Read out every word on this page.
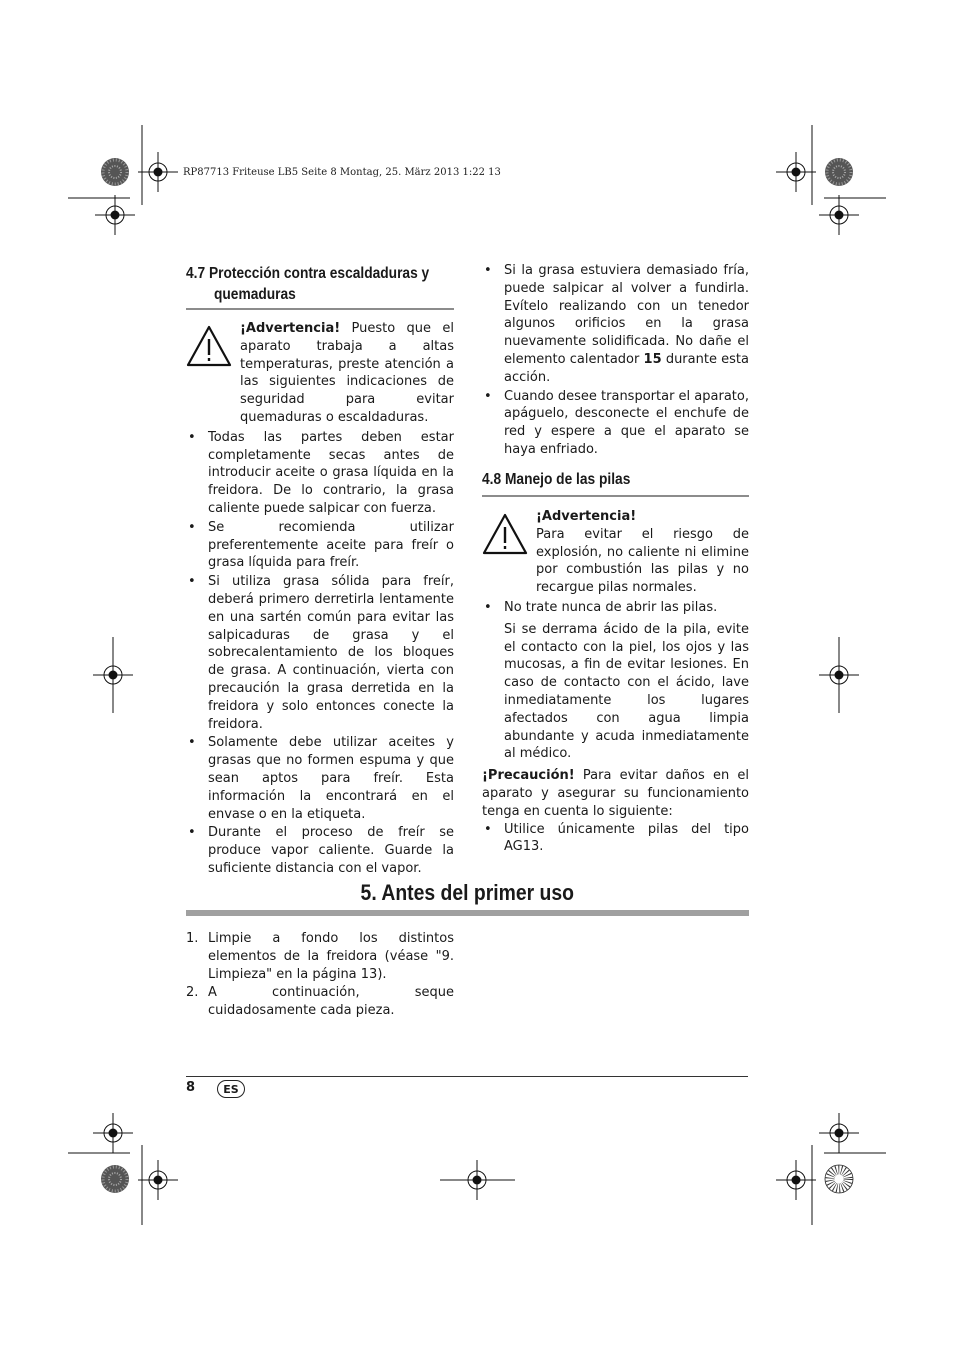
RP87713 Friteuse LB5 Seite 8 Montag, 25. März 2013 1:22 13
4.7 Protección contra escaldaduras y
quemaduras

¡Advertencia! Puesto que el aparato trabaja a altas temperaturas, preste atención a las siguientes indicaciones de seguridad para evitar quemaduras o escaldaduras.

• Todas las partes deben estar completamente secas antes de introducir aceite o grasa líquida en la freidora. De lo contrario, la grasa caliente puede salpicar con fuerza.
• Se recomienda utilizar preferentemente aceite para freír o grasa líquida para freír.
• Si utiliza grasa sólida para freír, deberá primero derretirla lentamente en una sartén común para evitar las salpicaduras de grasa y el sobrecalentamiento de los bloques de grasa. A continuación, vierta con precaución la grasa derretida en la freidora y solo entonces conecte la freidora.
• Solamente debe utilizar aceites y grasas que no formen espuma y que sean aptos para freír. Esta información la encontrará en el envase o en la etiqueta.
• Durante el proceso de freír se produce vapor caliente. Guarde la suficiente distancia con el vapor.
• Si la grasa estuviera demasiado fría, puede salpicar al volver a fundirla. Evítelo realizando con un tenedor algunos orificios en la grasa nuevamente solidificada. No dañe el elemento calentador 15 durante esta acción.
• Cuando desee transportar el aparato, apáguelo, desconecte el enchufe de red y espere a que el aparato se haya enfriado.
4.8 Manejo de las pilas

¡Advertencia!

Para evitar el riesgo de explosión, no caliente ni elimine por combustión las pilas y no recargue pilas normales.

• No trate nunca de abrir las pilas.

Si se derrama ácido de la pila, evite el contacto con la piel, los ojos y las mucosas, a fin de evitar lesiones. En caso de contacto con el ácido, lave inmediatamente los lugares afectados con agua limpia abundante y acuda inmediatamente al médico.

¡Precaución! Para evitar daños en el aparato y asegurar su funcionamiento tenga en cuenta lo siguiente:

• Utilice únicamente pilas del tipo AG13.
5. Antes del primer uso
1. Limpie a fondo los distintos elementos de la freidora (véase "9. Limpieza" en la página 13).
2. A continuación, seque cuidadosamente cada pieza.
8	ES
